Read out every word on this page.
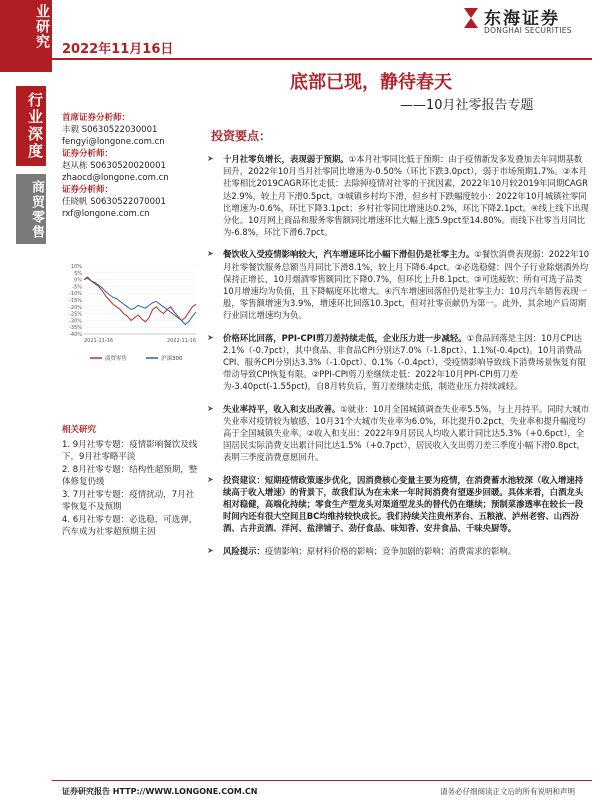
业研究
2022年11月16日
东海证券
DONGHAI SECURITIES
行业深度
商贸零售
底部已现，静待春天
——10月社零报告专题
首席证券分析师：
丰毅 S0630522030001
fengyi@longone.com.cn
证券分析师：
赵从栋 S0630520020001
zhaocd@longone.com.cn
证券分析师：
任晓帆 S0630522070001
rxf@longone.com.cn
10%
5%
0%
-5%
-10%
-15%
-20%
-25%
-30%
-35%
-40%
2021-11-16	2022-11-16
商贸零售	沪深300
相关研究
1. 9月社零专题：疫情影响餐饮及线下，9月社零略平淡
2. 8月社零专题：结构性超预期，整体修复仍缓
3. 7月社零专题：疫情扰动，7月社零恢复不及预期
4. 6月社零专题：必选稳，可选弹，汽车成为社零超预期主因
投资要点：
➤ 十月社零负增长，表现弱于预期。①本月社零同比低于预期：由于疫情新发多发叠加去年同期基数回升，2022年10月当月社零同比增速为-0.50%（环比下跌3.0pct），弱于市场预期1.7%。②本月社零相比2019CAGR环比走低：去除掉疫情对社零的干扰因素，2022年10月较2019年同期CAGR达2.9%，较上月下滑0.5pct。③城镇乡村均下滑，但乡村下跌幅度较小：2022年10月城镇社零同比增速为-0.6%，环比下降3.1pct；乡村社零同比增速达0.2%，环比下降2.1pct。④线上线下出现分化。10月网上商品和服务零售额同比增速环比大幅上涨5.9pct至14.80%。而线下社零当月同比为-6.8%，环比下滑6.7pct。
➤ 餐饮收入受疫情影响较大，汽车增速环比小幅下滑但仍是社零主力。①餐饮消费表现弱：2022年10月社零餐饮服务总额当月同比下滑8.1%，较上月下降6.4pct。②必选稳健：四个子行业除烟酒外均保持正增长，10月烟酒零售额同比下降0.7%，但环比上升8.1pct。③可选疲软：所有可选子品类10月增速均为负值，且下降幅度环比增大。④汽车增速回落但仍是社零主力：10月汽车销售表现一般，零售额增速为3.9%，增速环比回落10.3pct，但对社零贡献仍为第一。此外，其余地产后周期行业同比增速均为负。
➤ 价格环比回落，PPI-CPI剪刀差持续走低，企业压力进一步减轻。①食品回落是主因：10月CPI达2.1%（-0.7pct），其中食品、非食品CPI分别达7.0%（-1.8pct）、1.1%(-0.4pct)。10月消费品CPI、服务CPI分别达3.3%（-1.0pct）、0.1%（-0.4pct），受疫情影响导致线下消费场景恢复有限带动导致CPI恢复有限。②PPI-CPI剪刀差继续走低：2022年10月PPI-CPI剪刀差为-3.40pct(-1.55pct)，自8月转负后，剪刀差继续走低，制造业压力持续减轻。
➤ 失业率持平，收入和支出改善。①就业：10月全国城镇调查失业率5.5%，与上月持平。同时大城市失业率对疫情较为敏感，10月31个大城市失业率为6.0%，环比提升0.2pct，失业率和提升幅度均高于全国城镇失业率。②收入和支出：2022年9月居民人均收入累计同比达5.3%（+0.6pct），全国居民实际消费支出累计同比达1.5%（+0.7pct），居民收入支出剪刀差三季度小幅下滑0.8pct，表明三季度消费意愿回升。
➤ 投资建议：短期疫情政策逐步优化，因消费核心变量主要为疫情，在消费蓄水池较深（收入增速持续高于收入增速）的背景下，故我们认为在未来一年时间消费有望逐步回暖。具体来看，白酒龙头相对稳健，高端化持续；零食生产型龙头对渠道型龙头的替代仍在继续；预制菜渗透率在较长一段时间内还有很大空间且BC均维持较快成长。我们持续关注贵州茅台、五粮液、泸州老窖、山西汾酒、古井贡酒、洋河、盐津铺子、劲仔食品、味知香、安井食品、千味央厨等。
➤ 风险提示：疫情影响；原材料价格的影响；竞争加剧的影响；消费需求的影响。
证券研究报告 HTTP://WWW.LONGONE.COM.CN	请务必仔细阅读正文后的所有说明和声明
